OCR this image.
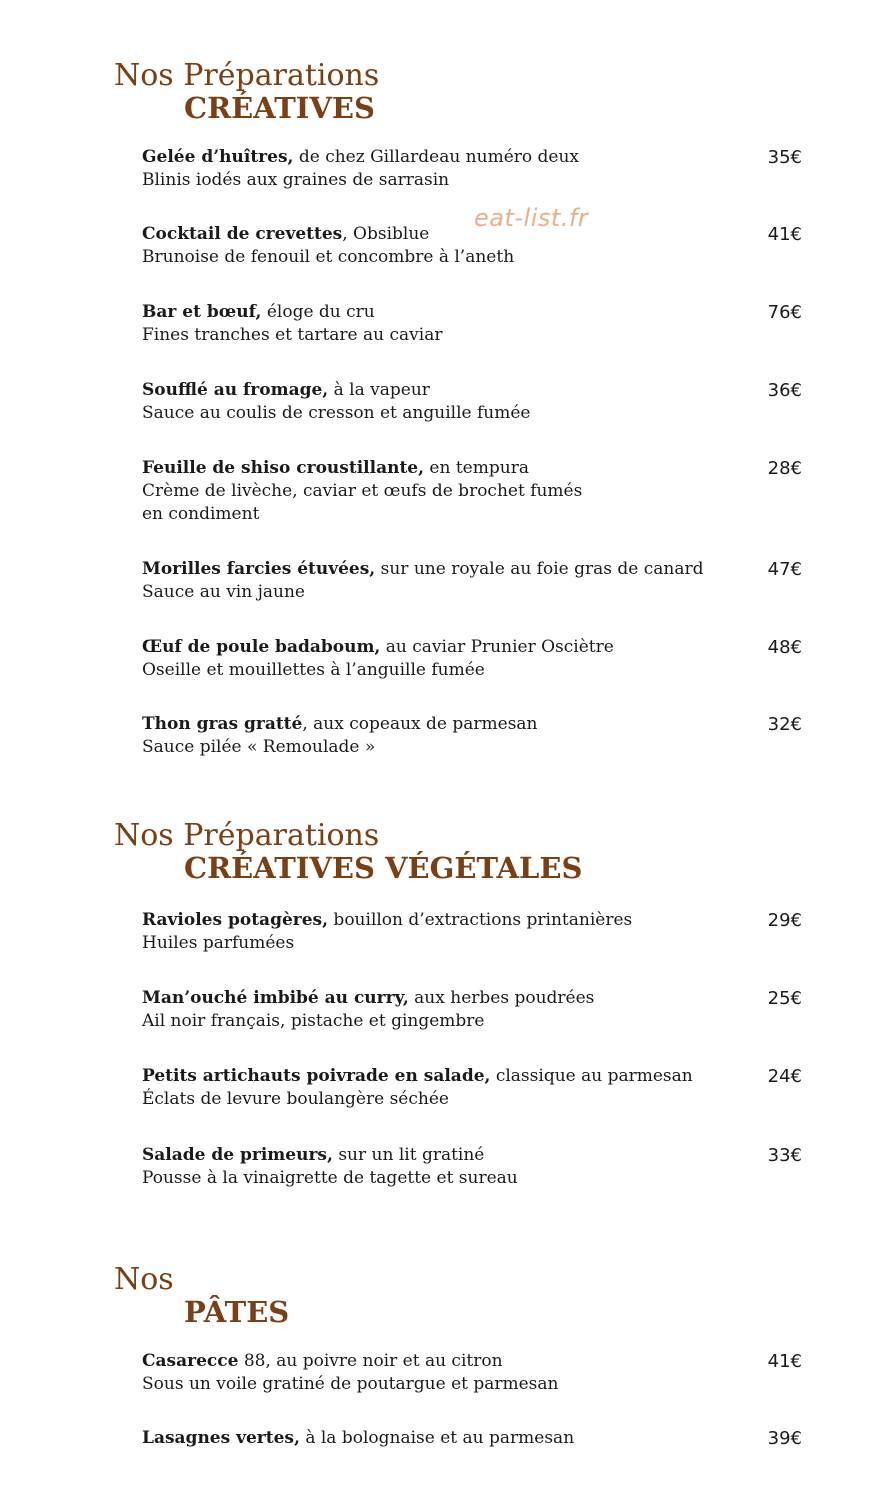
eat-list.fr
Nos Préparations
CRÉATIVES
Gelée d’huîtres, de chez Gillardeau numéro deux
Blinis iodés aux graines de sarrasin
35€
Cocktail de crevettes, Obsiblue
Brunoise de fenouil et concombre à l’aneth
41€
Bar et bœuf, éloge du cru
Fines tranches et tartare au caviar
76€
Soufflé au fromage, à la vapeur
Sauce au coulis de cresson et anguille fumée
36€
Feuille de shiso croustillante, en tempura
Crème de livèche, caviar et œufs de brochet fumés
en condiment
28€
Morilles farcies étuvées, sur une royale au foie gras de canard
Sauce au vin jaune
47€
Œuf de poule badaboum, au caviar Prunier Osciètre
Oseille et mouillettes à l’anguille fumée
48€
Thon gras gratté, aux copeaux de parmesan
Sauce pilée « Remoulade »
32€
Nos Préparations
CRÉATIVES VÉGÉTALES
Ravioles potagères, bouillon d’extractions printanières
Huiles parfumées
29€
Man’ouché imbibé au curry, aux herbes poudrées
Ail noir français, pistache et gingembre
25€
Petits artichauts poivrade en salade, classique au parmesan
Éclats de levure boulangère séchée
24€
Salade de primeurs, sur un lit gratiné
Pousse à la vinaigrette de tagette et sureau
33€
Nos
PÂTES
Casarecce 88, au poivre noir et au citron
Sous un voile gratiné de poutargue et parmesan
41€
Lasagnes vertes, à la bolognaise et au parmesan	39€
